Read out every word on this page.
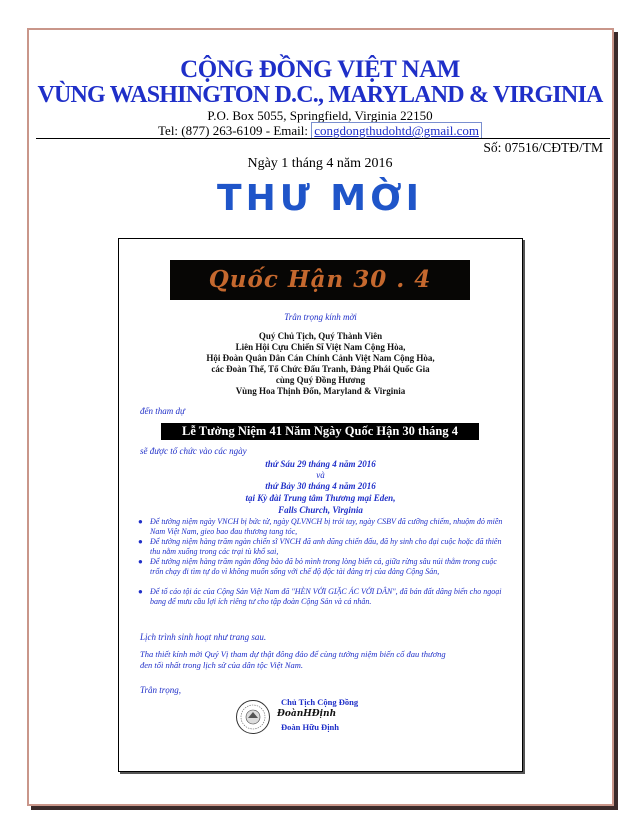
CỘNG ĐỒNG VIỆT NAM
VÙNG WASHINGTON D.C., MARYLAND & VIRGINIA
P.O. Box 5055, Springfield, Virginia 22150
Tel: (877) 263-6109 - Email: congdongthudohtd@gmail.com
Số: 07516/CĐTĐ/TM
Ngày 1 tháng 4 năm 2016
THƯ MỜI
Quốc Hận 30 . 4
Trân trọng kính mời
Quý Chủ Tịch, Quý Thành Viên
Liên Hội Cựu Chiến Sĩ Việt Nam Cộng Hòa,
Hội Đoàn Quân Dân Cán Chính Cảnh Việt Nam Cộng Hòa,
các Đoàn Thể, Tổ Chức Đấu Tranh, Đảng Phái Quốc Gia
cùng Quý Đồng Hương
Vùng Hoa Thịnh Đốn, Maryland & Virginia
đến tham dự
Lễ Tưởng Niệm 41 Năm Ngày Quốc Hận 30 tháng 4
sẽ được tổ chức vào các ngày
thứ Sáu 29 tháng 4 năm 2016
và
thứ Bảy 30 tháng 4 năm 2016
tại Kỳ đài Trung tâm Thương mại Eden,
Falls Church, Virginia
● Để tưởng niệm ngày VNCH bị bức tử, ngày QLVNCH bị trói tay, ngày CSBV đã cưỡng chiếm, nhuộm đỏ miền Nam Việt Nam, gieo bao đau thương tang tóc,
● Để tưởng niệm hàng trăm ngàn chiến sĩ VNCH đã anh dũng chiến đấu, đã hy sinh cho đại cuộc hoặc đã thiên thu nằm xuống trong các trại tù khổ sai,
● Để tưởng niệm hàng trăm ngàn đồng bào đã bỏ mình trong lòng biển cả, giữa rừng sâu núi thẳm trong cuộc trốn chạy đi tìm tự do vì không muốn sống với chế độ độc tài đảng trị của đảng Cộng Sản,
● Để tố cáo tội ác của Cộng Sản Việt Nam đã "HÈN VỚI GIẶC ÁC VỚI DÂN", đã bán đất dâng biển cho ngoại bang để mưu cầu lợi ích riêng tư cho tập đoàn Cộng Sản và cá nhân.
Lịch trình sinh hoạt như trang sau.
Tha thiết kính mời Quý Vị tham dự thật đông đảo để cùng tưởng niệm biến cố đau thương
đen tối nhất trong lịch sử của dân tộc Việt Nam.
Trân trọng,
Chủ Tịch Cộng Đồng
ĐoànHĐịnh
Đoàn Hữu Định
